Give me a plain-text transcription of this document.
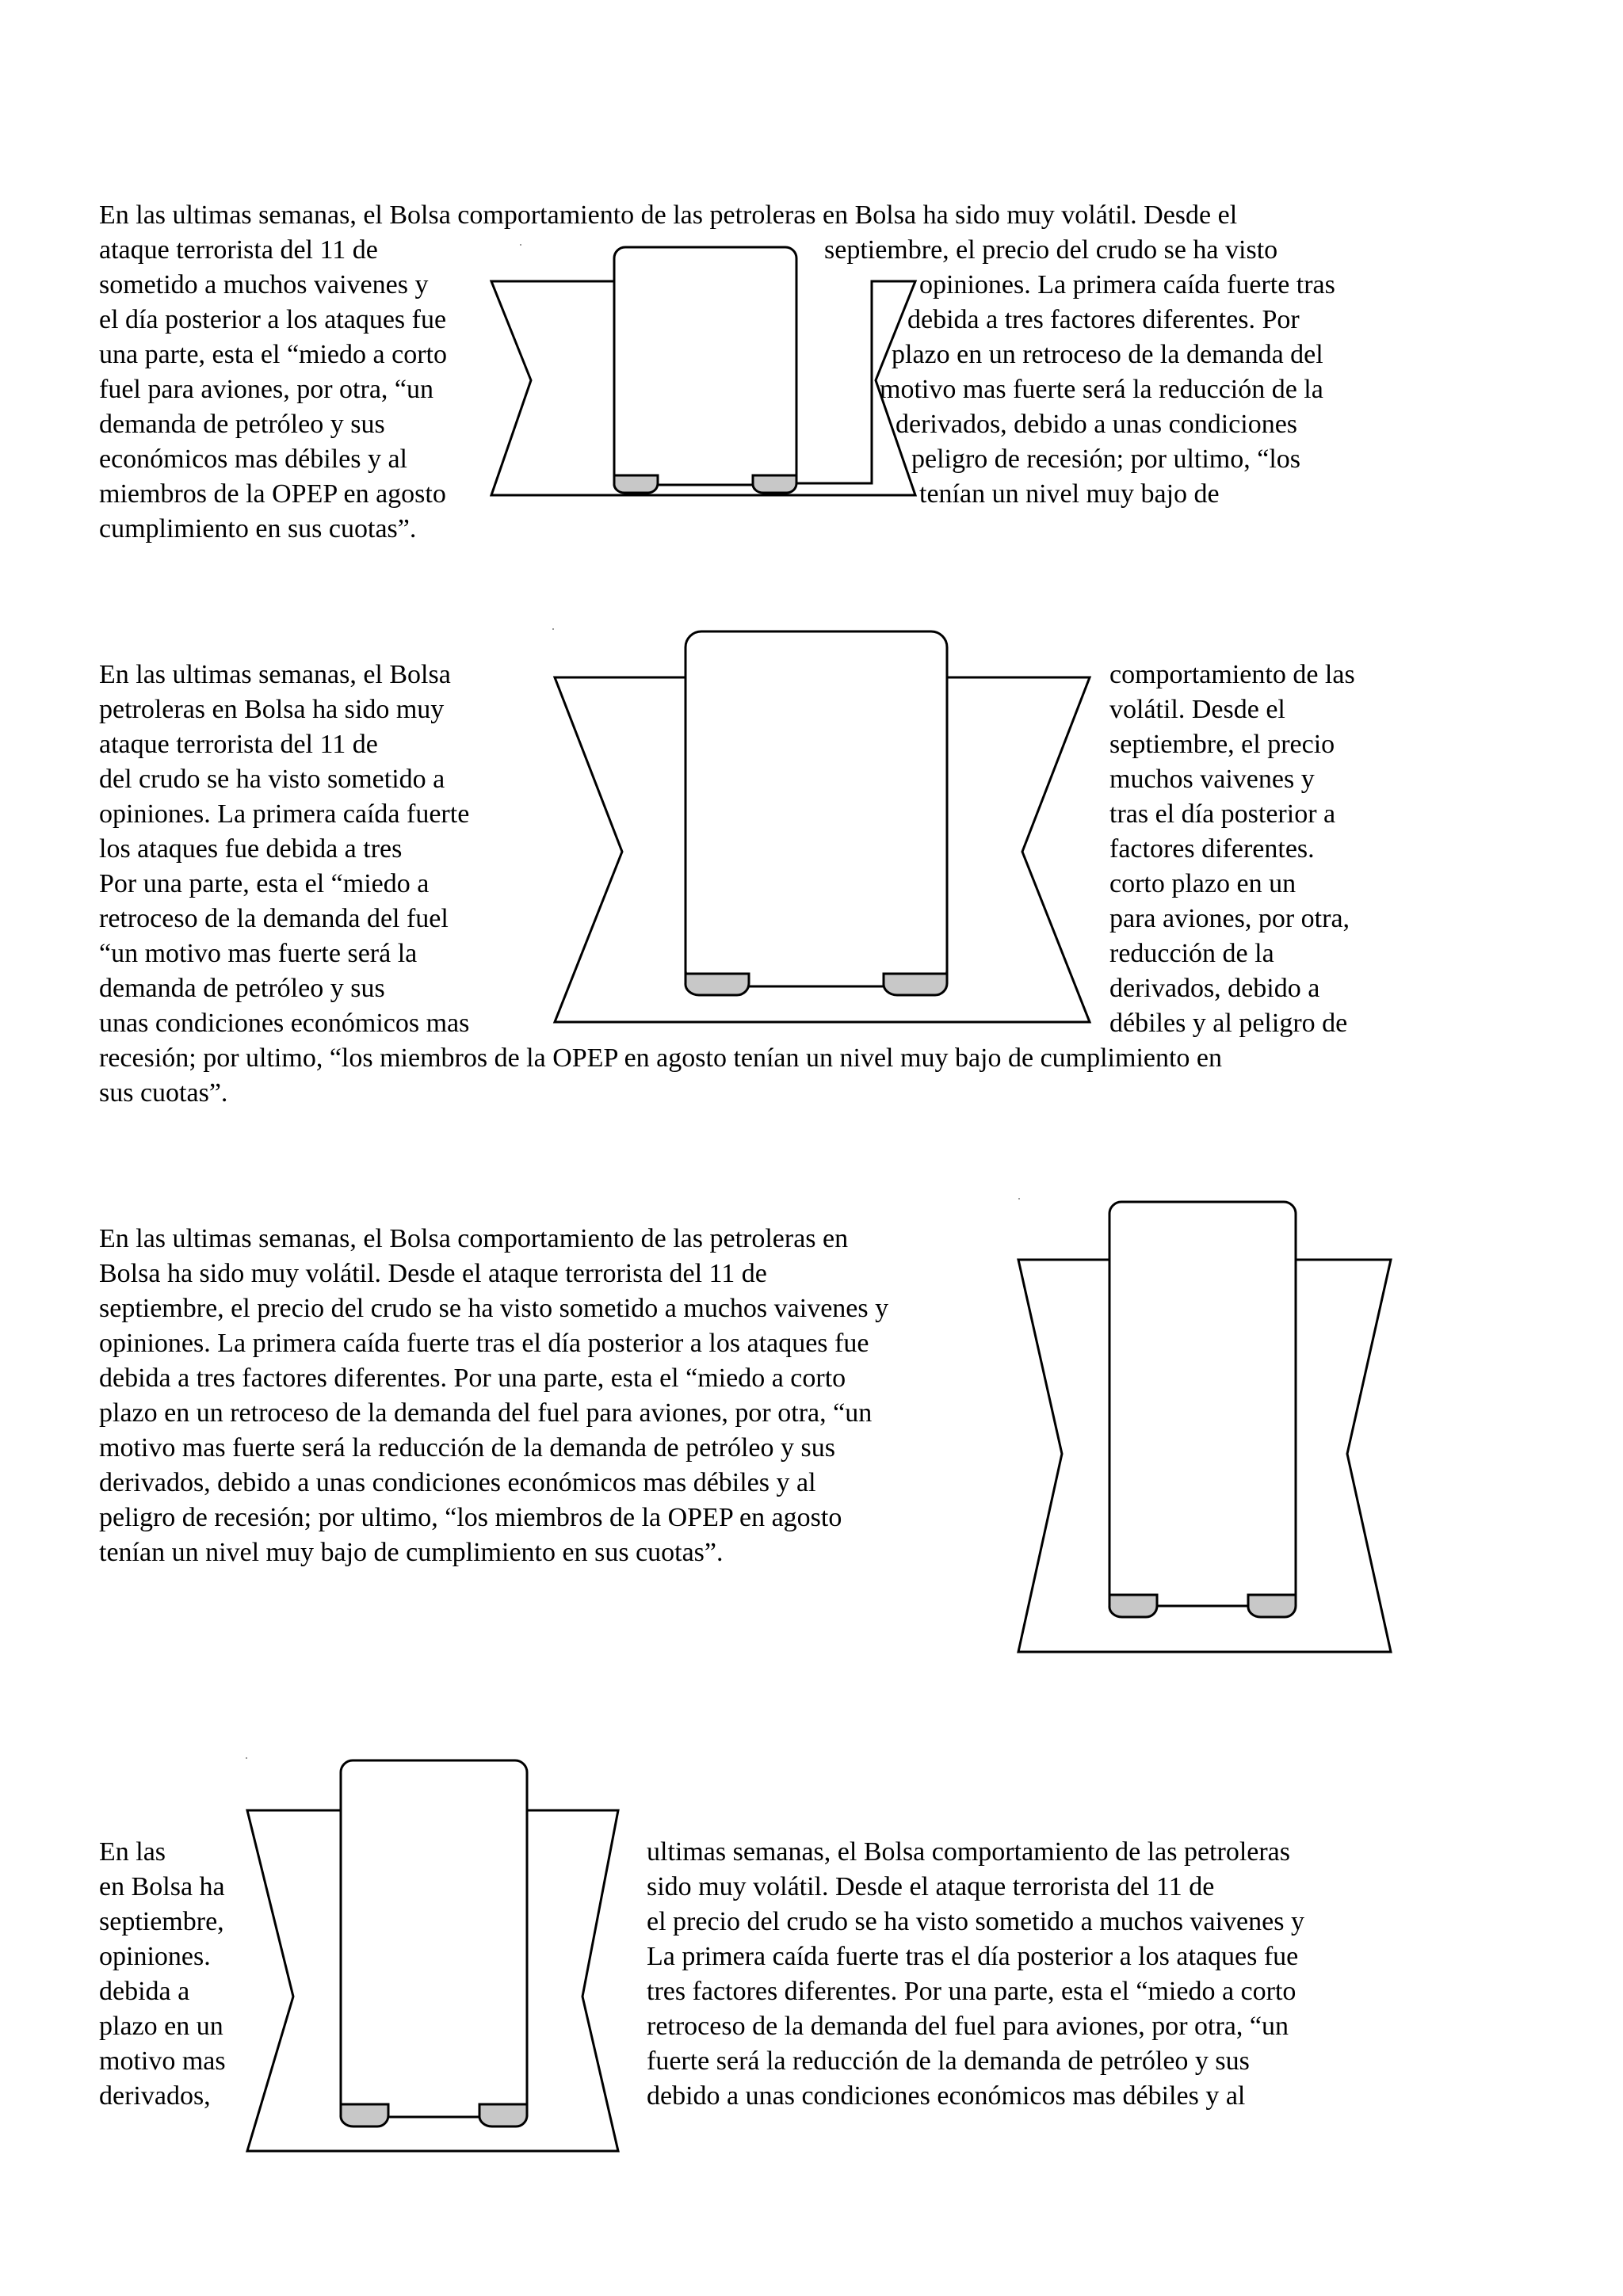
En las ultimas semanas, el Bolsa comportamiento de las petroleras en Bolsa ha sido muy volátil. Desde el
ataque terrorista del 11 de
sometido a muchos vaivenes y
el día posterior a los ataques fue
una parte, esta el “miedo a corto
fuel para aviones, por otra, “un
demanda de petróleo y sus
económicos mas débiles y al
miembros de la OPEP en agosto
cumplimiento en sus cuotas”.
septiembre, el precio del crudo se ha visto
opiniones. La primera caída fuerte tras
debida a tres factores diferentes. Por
plazo en un retroceso de la demanda del
motivo mas fuerte será la reducción de la
derivados, debido a unas condiciones
peligro de recesión; por ultimo, “los
tenían un nivel muy bajo de
En las ultimas semanas, el Bolsa
petroleras en Bolsa ha sido muy
ataque terrorista del 11 de
del crudo se ha visto sometido a
opiniones. La primera caída fuerte
los ataques fue debida a tres
Por una parte, esta el “miedo a
retroceso de la demanda del fuel
“un motivo mas fuerte será la
demanda de petróleo y sus
unas condiciones económicos mas
comportamiento de las
volátil. Desde el
septiembre, el precio
muchos vaivenes y
tras el día posterior a
factores diferentes.
corto plazo en un
para aviones, por otra,
reducción de la
derivados, debido a
débiles y al peligro de
recesión; por ultimo, “los miembros de la OPEP en agosto tenían un nivel muy bajo de cumplimiento en
sus cuotas”.
En las ultimas semanas, el Bolsa comportamiento de las petroleras en
Bolsa ha sido muy volátil. Desde el ataque terrorista del 11 de
septiembre, el precio del crudo se ha visto sometido a muchos vaivenes y
opiniones. La primera caída fuerte tras el día posterior a los ataques fue
debida a tres factores diferentes. Por una parte, esta el “miedo a corto
plazo en un retroceso de la demanda del fuel para aviones, por otra, “un
motivo mas fuerte será la reducción de la demanda de petróleo y sus
derivados, debido a unas condiciones económicos mas débiles y al
peligro de recesión; por ultimo, “los miembros de la OPEP en agosto
tenían un nivel muy bajo de cumplimiento en sus cuotas”.
En las
en Bolsa ha
septiembre,
opiniones.
debida a
plazo en un
motivo mas
derivados,
ultimas semanas, el Bolsa comportamiento de las petroleras
sido muy volátil. Desde el ataque terrorista del 11 de
el precio del crudo se ha visto sometido a muchos vaivenes y
La primera caída fuerte tras el día posterior a los ataques fue
tres factores diferentes. Por una parte, esta el “miedo a corto
retroceso de la demanda del fuel para aviones, por otra, “un
fuerte será la reducción de la demanda de petróleo y sus
debido a unas condiciones económicos mas débiles y al
